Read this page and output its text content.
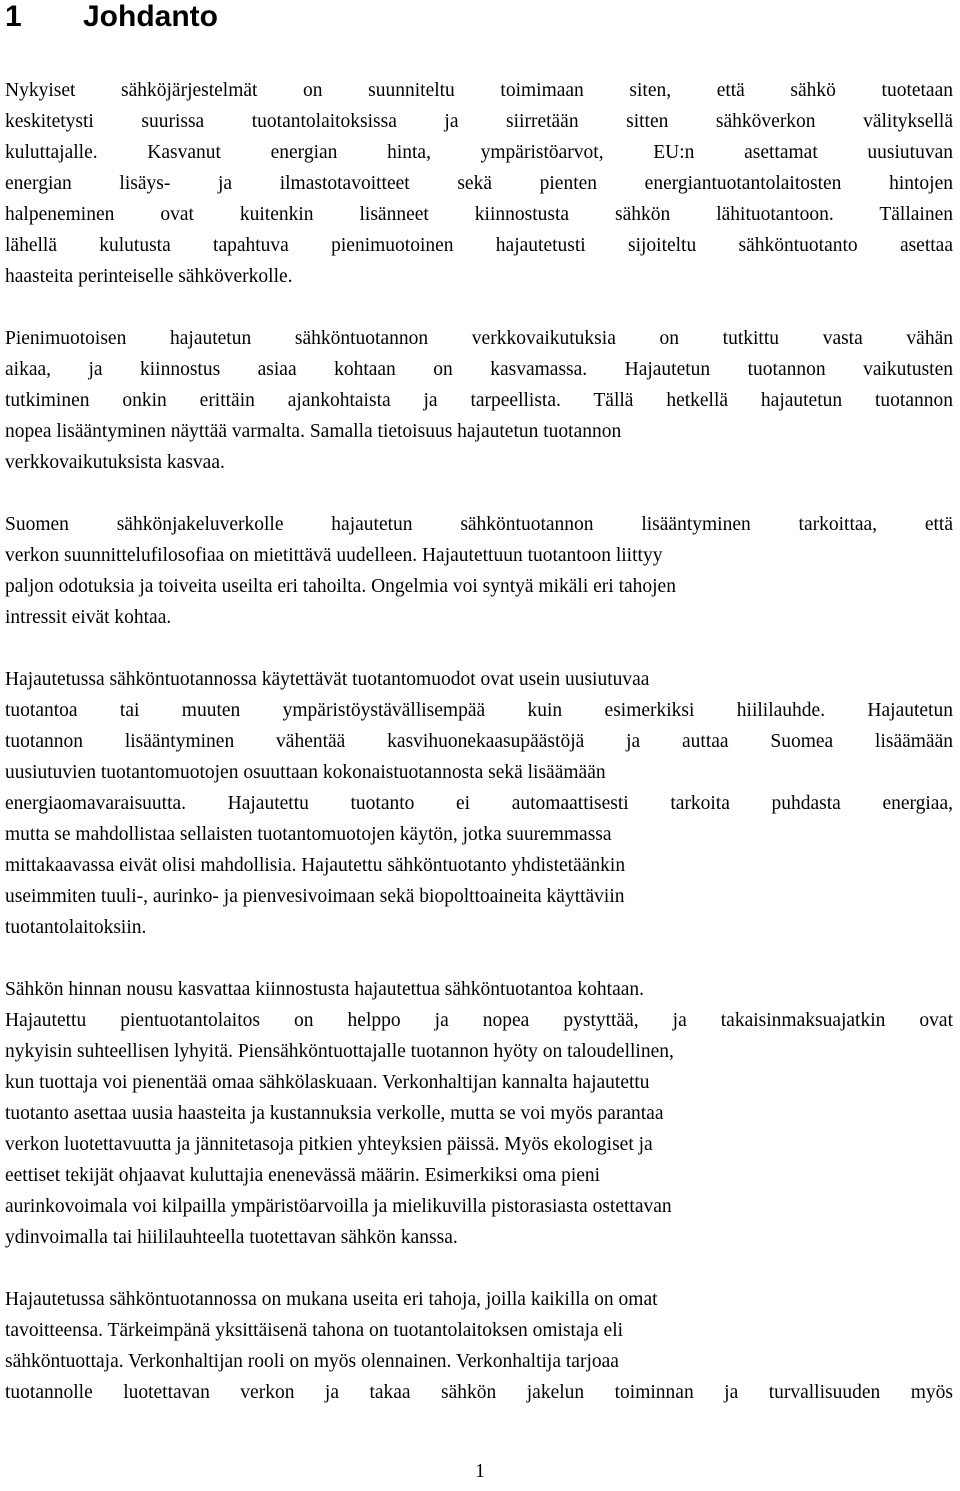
1 Johdanto
Nykyiset sähköjärjestelmät on suunniteltu toimimaan siten, että sähkö tuotetaan
keskitetysti suurissa tuotantolaitoksissa ja siirretään sitten sähköverkon välityksellä
kuluttajalle. Kasvanut energian hinta, ympäristöarvot, EU:n asettamat uusiutuvan
energian lisäys- ja ilmastotavoitteet sekä pienten energiantuotantolaitosten hintojen
halpeneminen ovat kuitenkin lisänneet kiinnostusta sähkön lähituotantoon. Tällainen
lähellä kulutusta tapahtuva pienimuotoinen hajautetusti sijoiteltu sähköntuotanto asettaa
haasteita perinteiselle sähköverkolle.
Pienimuotoisen hajautetun sähköntuotannon verkkovaikutuksia on tutkittu vasta vähän
aikaa, ja kiinnostus asiaa kohtaan on kasvamassa. Hajautetun tuotannon vaikutusten
tutkiminen onkin erittäin ajankohtaista ja tarpeellista. Tällä hetkellä hajautetun tuotannon
nopea lisääntyminen näyttää varmalta. Samalla tietoisuus hajautetun tuotannon
verkkovaikutuksista kasvaa.
Suomen sähkönjakeluverkolle hajautetun sähköntuotannon lisääntyminen tarkoittaa, että
verkon suunnittelufilosofiaa on mietittävä uudelleen. Hajautettuun tuotantoon liittyy
paljon odotuksia ja toiveita useilta eri tahoilta. Ongelmia voi syntyä mikäli eri tahojen
intressit eivät kohtaa.
Hajautetussa sähköntuotannossa käytettävät tuotantomuodot ovat usein uusiutuvaa
tuotantoa tai muuten ympäristöystävällisempää kuin esimerkiksi hiililauhde. Hajautetun
tuotannon lisääntyminen vähentää kasvihuonekaasupäästöjä ja auttaa Suomea lisäämään
uusiutuvien tuotantomuotojen osuuttaan kokonaistuotannosta sekä lisäämään
energiaomavaraisuutta. Hajautettu tuotanto ei automaattisesti tarkoita puhdasta energiaa,
mutta se mahdollistaa sellaisten tuotantomuotojen käytön, jotka suuremmassa
mittakaavassa eivät olisi mahdollisia. Hajautettu sähköntuotanto yhdistetäänkin
useimmiten tuuli-, aurinko- ja pienvesivoimaan sekä biopolttoaineita käyttäviin
tuotantolaitoksiin.
Sähkön hinnan nousu kasvattaa kiinnostusta hajautettua sähköntuotantoa kohtaan.
Hajautettu pientuotantolaitos on helppo ja nopea pystyttää, ja takaisinmaksuajatkin ovat
nykyisin suhteellisen lyhyitä. Piensähköntuottajalle tuotannon hyöty on taloudellinen,
kun tuottaja voi pienentää omaa sähkölaskuaan. Verkonhaltijan kannalta hajautettu
tuotanto asettaa uusia haasteita ja kustannuksia verkolle, mutta se voi myös parantaa
verkon luotettavuutta ja jännitetasoja pitkien yhteyksien päissä. Myös ekologiset ja
eettiset tekijät ohjaavat kuluttajia enenevässä määrin. Esimerkiksi oma pieni
aurinkovoimala voi kilpailla ympäristöarvoilla ja mielikuvilla pistorasiasta ostettavan
ydinvoimalla tai hiililauhteella tuotettavan sähkön kanssa.
Hajautetussa sähköntuotannossa on mukana useita eri tahoja, joilla kaikilla on omat
tavoitteensa. Tärkeimpänä yksittäisenä tahona on tuotantolaitoksen omistaja eli
sähköntuottaja. Verkonhaltijan rooli on myös olennainen. Verkonhaltija tarjoaa
tuotannolle luotettavan verkon ja takaa sähkön jakelun toiminnan ja turvallisuuden myös
1
